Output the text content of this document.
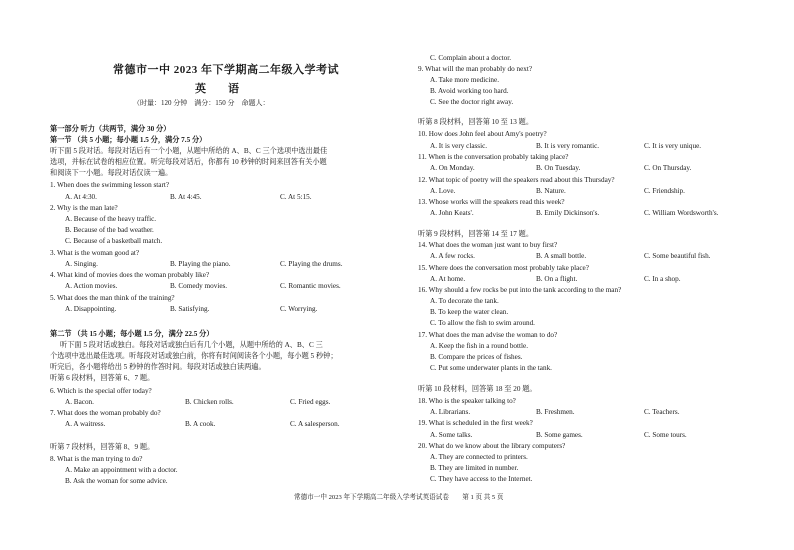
常德市一中 2023 年下学期高二年级入学考试
英　　语
（时量：120 分钟　满分：150 分　命题人：
第一部分 听力（共两节，满分 30 分）
第一节 （共 5 小题；每小题 1.5 分，满分 7.5 分）
听下面 5 段对话。每段对话后有一个小题，从题中所给的 A、B、C 三个选项中选出最佳
选项，并标在试卷的相应位置。听完每段对话后，你都有 10 秒钟的时间来回答有关小题
和阅读下一小题。每段对话仅读一遍。
1. When does the swimming lesson start?
A. At 4:30.	B. At 4:45.	C. At 5:15.
2. Why is the man late?
A. Because of the heavy traffic.
B. Because of the bad weather.
C. Because of a basketball match.
3. What is the woman good at?
A. Singing.	B. Playing the piano.	C. Playing the drums.
4. What kind of movies does the woman probably like?
A. Action movies.	B. Comedy movies.	C. Romantic movies.
5. What does the man think of the training?
A. Disappointing.	B. Satisfying.	C. Worrying.
第二节 （共 15 小题；每小题 1.5 分，满分 22.5 分）
听下面 5 段对话或独白。每段对话或独白后有几个小题，从题中所给的 A、B、C 三
个选项中选出最佳选项。听每段对话或独白前，你将有时间阅读各个小题，每小题 5 秒钟；
听完后，各小题将给出 5 秒钟的作答时间。每段对话或独白读两遍。
听第 6 段材料，回答第 6、7 题。
6. Which is the special offer today?
A. Bacon.	B. Chicken rolls.	C. Fried eggs.
7. What does the woman probably do?
A. A waitress.	B. A cook.	C. A salesperson.
听第 7 段材料，回答第 8、9 题。
8. What is the man trying to do?
A. Make an appointment with a doctor.
B. Ask the woman for some advice.
C. Complain about a doctor.
9. What will the man probably do next?
A. Take more medicine.
B. Avoid working too hard.
C. See the doctor right away.
听第 8 段材料，回答第 10 至 13 题。
10. How does John feel about Amy's poetry?
A. It is very classic.	B. It is very romantic.	C. It is very unique.
11. When is the conversation probably taking place?
A. On Monday.	B. On Tuesday.	C. On Thursday.
12. What topic of poetry will the speakers read about this Thursday?
A. Love.	B. Nature.	C. Friendship.
13. Whose works will the speakers read this week?
A. John Keats'.	B. Emily Dickinson's.	C. William Wordsworth's.
听第 9 段材料，回答第 14 至 17 题。
14. What does the woman just want to buy first?
A. A few rocks.	B. A small bottle.	C. Some beautiful fish.
15. Where does the conversation most probably take place?
A. At home.	B. On a flight.	C. In a shop.
16. Why should a few rocks be put into the tank according to the man?
A. To decorate the tank.
B. To keep the water clean.
C. To allow the fish to swim around.
17. What does the man advise the woman to do?
A. Keep the fish in a round bottle.
B. Compare the prices of fishes.
C. Put some underwater plants in the tank.
听第 10 段材料，回答第 18 至 20 题。
18. Who is the speaker talking to?
A. Librarians.	B. Freshmen.	C. Teachers.
19. What is scheduled in the first week?
A. Some talks.	B. Some games.	C. Some tours.
20. What do we know about the library computers?
A. They are connected to printers.
B. They are limited in number.
C. They have access to the Internet.
常德市一中 2023 年下学期高二年级入学考试英语试卷 第 1 页 共 5 页
